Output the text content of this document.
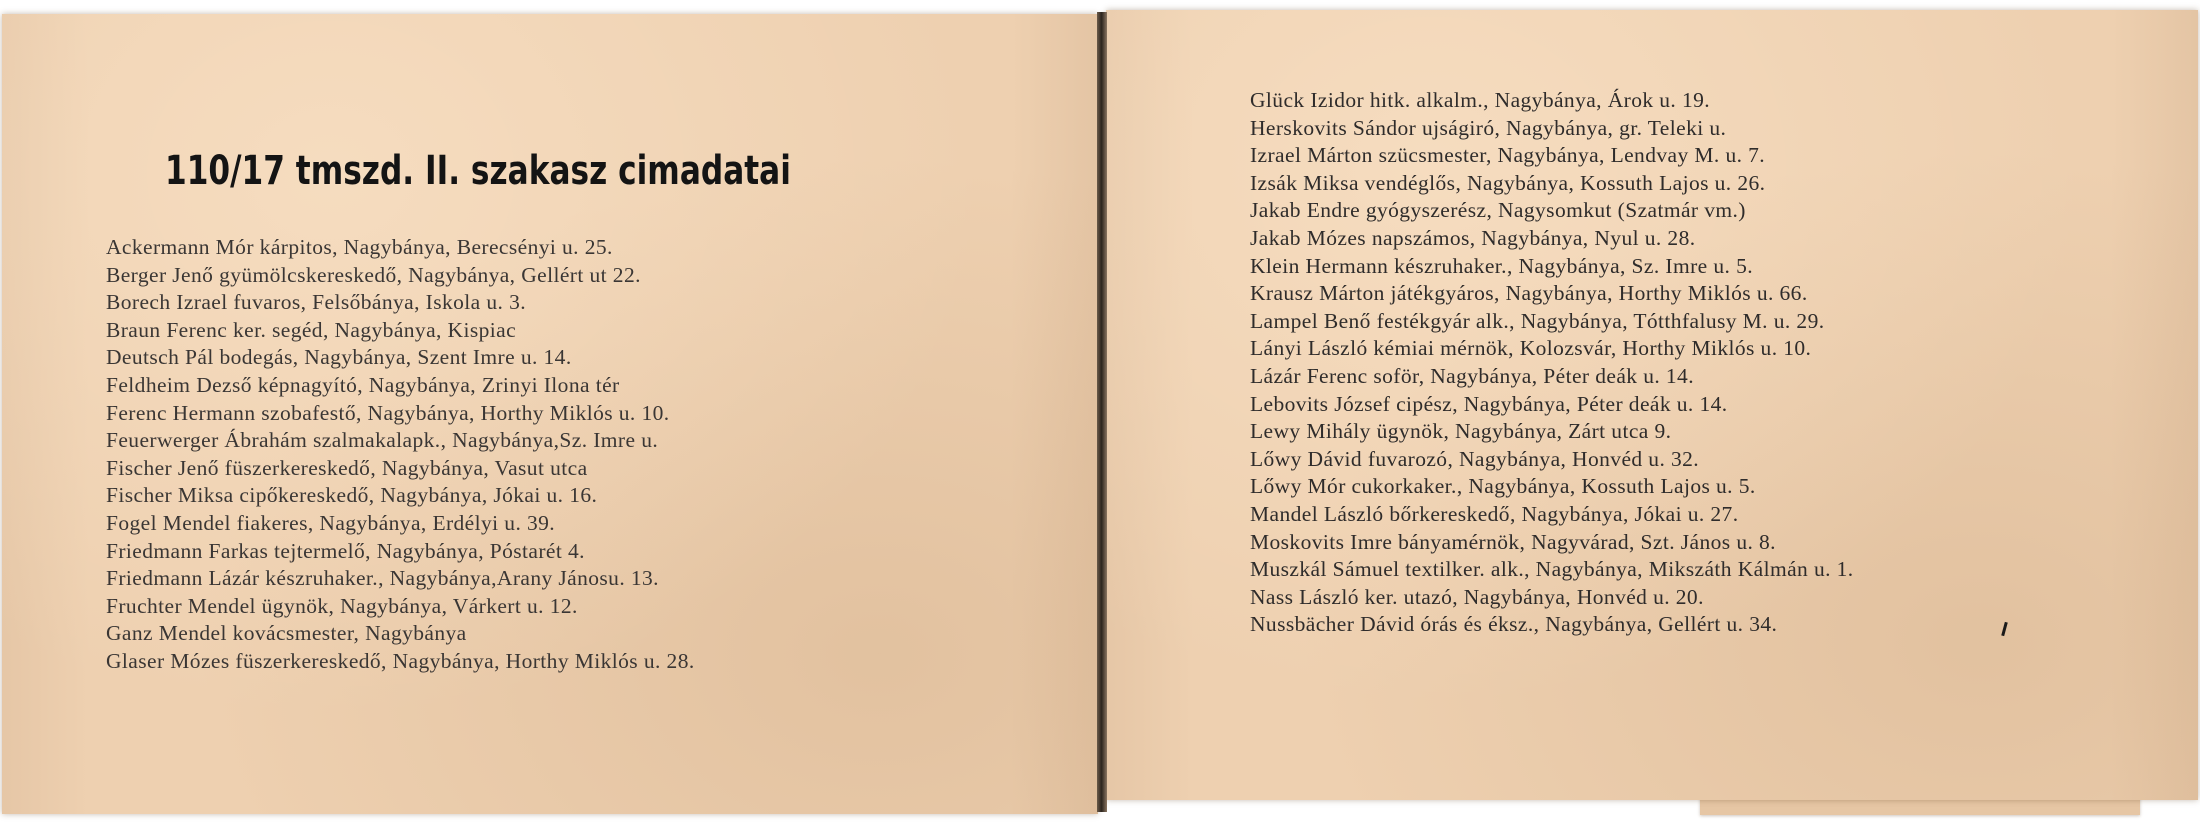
110/17 tmszd. II. szakasz cimadatai
Ackermann Mór kárpitos, Nagybánya, Berecsényi u. 25.
Berger Jenő gyümölcskereskedő, Nagybánya, Gellért ut 22.
Borech Izrael fuvaros, Felsőbánya, Iskola u. 3.
Braun Ferenc ker. segéd, Nagybánya, Kispiac
Deutsch Pál bodegás, Nagybánya, Szent Imre u. 14.
Feldheim Dezső képnagyító, Nagybánya, Zrinyi Ilona tér
Ferenc Hermann szobafestő, Nagybánya, Horthy Miklós u. 10.
Feuerwerger Ábrahám szalmakalapk., Nagybánya,Sz. Imre u.
Fischer Jenő füszerkereskedő, Nagybánya, Vasut utca
Fischer Miksa cipőkereskedő, Nagybánya, Jókai u. 16.
Fogel Mendel fiakeres, Nagybánya, Erdélyi u. 39.
Friedmann Farkas tejtermelő, Nagybánya, Póstarét 4.
Friedmann Lázár készruhaker., Nagybánya,Arany Jánosu. 13.
Fruchter Mendel ügynök, Nagybánya, Várkert u. 12.
Ganz Mendel kovácsmester, Nagybánya
Glaser Mózes füszerkereskedő, Nagybánya, Horthy Miklós u. 28.
Glück Izidor hitk. alkalm., Nagybánya, Árok u. 19.
Herskovits Sándor ujságiró, Nagybánya, gr. Teleki u.
Izrael Márton szücsmester, Nagybánya, Lendvay M. u. 7.
Izsák Miksa vendéglős, Nagybánya, Kossuth Lajos u. 26.
Jakab Endre gyógyszerész, Nagysomkut (Szatmár vm.)
Jakab Mózes napszámos, Nagybánya, Nyul u. 28.
Klein Hermann készruhaker., Nagybánya, Sz. Imre u. 5.
Krausz Márton játékgyáros, Nagybánya, Horthy Miklós u. 66.
Lampel Benő festékgyár alk., Nagybánya, Tótthfalusy M. u. 29.
Lányi László kémiai mérnök, Kolozsvár, Horthy Miklós u. 10.
Lázár Ferenc soför, Nagybánya, Péter deák u. 14.
Lebovits József cipész, Nagybánya, Péter deák u. 14.
Lewy Mihály ügynök, Nagybánya, Zárt utca 9.
Lőwy Dávid fuvarozó, Nagybánya, Honvéd u. 32.
Lőwy Mór cukorkaker., Nagybánya, Kossuth Lajos u. 5.
Mandel László bőrkereskedő, Nagybánya, Jókai u. 27.
Moskovits Imre bányamérnök, Nagyvárad, Szt. János u. 8.
Muszkál Sámuel textilker. alk., Nagybánya, Mikszáth Kálmán u. 1.
Nass László ker. utazó, Nagybánya, Honvéd u. 20.
Nussbächer Dávid órás és éksz., Nagybánya, Gellért u. 34.
